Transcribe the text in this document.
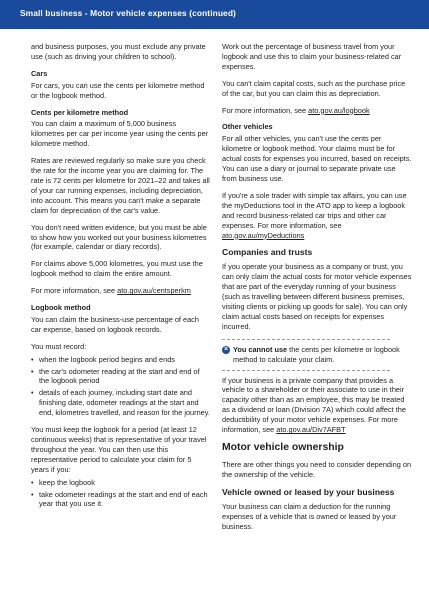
Small business - Motor vehicle expenses (continued)

and business purposes, you must exclude any private use (such as driving your children to school).

Cars

For cars, you can use the cents per kilometre method or the logbook method.

Cents per kilometre method

You can claim a maximum of 5,000 business kilometres per car per income year using the cents per kilometre method.

Rates are reviewed regularly so make sure you check the rate for the income year you are claiming for. The rate is 72 cents per kilometre for 2021–22 and takes all of your car running expenses, including depreciation, into account. This means you can't make a separate claim for depreciation of the car's value.

You don't need written evidence, but you must be able to show how you worked out your business kilometres (for example, calendar or diary records).

For claims above 5,000 kilometres, you must use the logbook method to claim the entire amount.

For more information, see ato.gov.au/centsperkm

Logbook method

You can claim the business-use percentage of each car expense, based on logbook records.

You must record:

• when the logbook period begins and ends
• the car's odometer reading at the start and end of the logbook period
• details of each journey, including start date and finishing date, odometer readings at the start and end, kilometres travelled, and reason for the journey.

You must keep the logbook for a period (at least 12 continuous weeks) that is representative of your travel throughout the year. You can then use this representative period to calculate your claim for 5 years if you:

• keep the logbook
• take odometer readings at the start and end of each year that you use it.

Work out the percentage of business travel from your logbook and use this to claim your business-related car expenses.

You can't claim capital costs, such as the purchase price of the car, but you can claim this as depreciation.

For more information, see ato.gov.au/logbook

Other vehicles

For all other vehicles, you can't use the cents per kilometre or logbook method. Your claims must be for actual costs for expenses you incurred, based on receipts. You can use a diary or journal to separate private use from business use.

If you're a sole trader with simple tax affairs, you can use the myDeductions tool in the ATO app to keep a logbook and record business-related car trips and other car expenses. For more information, see ato.gov.au/myDeductions

Companies and trusts

If you operate your business as a company or trust, you can only claim the actual costs for motor vehicle expenses that are part of the everyday running of your business (such as travelling between different business premises, visiting clients or picking up goods for sale). You can only claim actual costs based on receipts for expenses incurred.

× You cannot use the cents per kilometre or logbook method to calculate your claim.

If your business is a private company that provides a vehicle to a shareholder or their associate to use in their capacity other than as an employee, this may be treated as a dividend or loan (Division 7A) which could affect the deductibility of your motor vehicle expenses. For more information, see ato.gov.au/Div7AFBT

Motor vehicle ownership

There are other things you need to consider depending on the ownership of the vehicle.

Vehicle owned or leased by your business

Your business can claim a deduction for the running expenses of a vehicle that is owned or leased by your business.
